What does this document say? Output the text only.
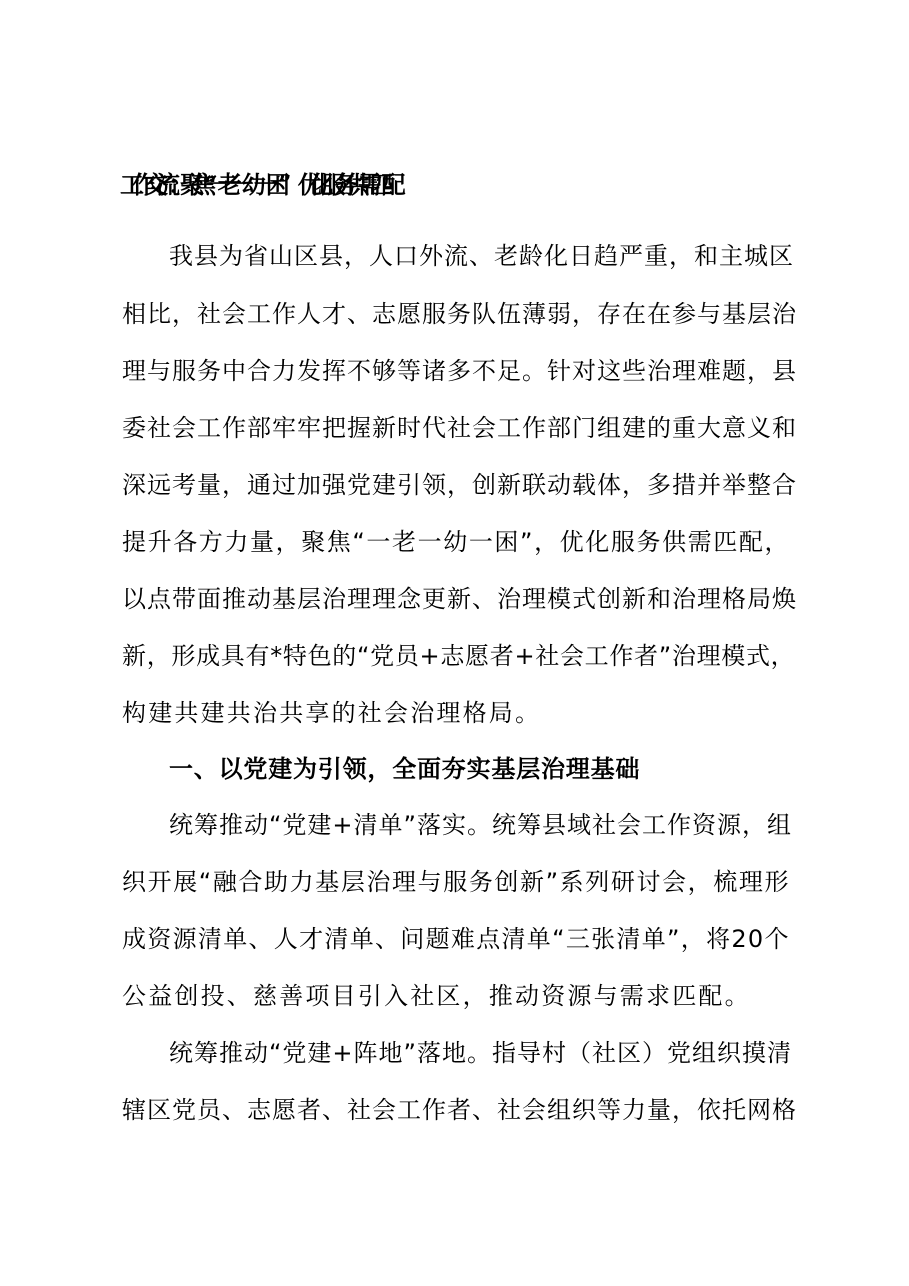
工作交流：聚焦“一老一幼一困” 优化服务供需匹配
我县为省山区县，人口外流、老龄化日趋严重，和主城区
相比，社会工作人才、志愿服务队伍薄弱，存在在参与基层治
理与服务中合力发挥不够等诸多不足。针对这些治理难题，县
委社会工作部牢牢把握新时代社会工作部门组建的重大意义和
深远考量，通过加强党建引领，创新联动载体，多措并举整合
提升各方力量，聚焦“一老一幼一困”，优化服务供需匹配，
以点带面推动基层治理理念更新、治理模式创新和治理格局焕
新，形成具有*特色的“党员+志愿者+社会工作者”治理模式，
构建共建共治共享的社会治理格局。
一、以党建为引领，全面夯实基层治理基础
统筹推动“党建+清单”落实。统筹县域社会工作资源，组
织开展“融合助力基层治理与服务创新”系列研讨会，梳理形
成资源清单、人才清单、问题难点清单“三张清单”，将20个
公益创投、慈善项目引入社区，推动资源与需求匹配。
统筹推动“党建+阵地”落地。指导村（社区）党组织摸清
辖区党员、志愿者、社会工作者、社会组织等力量，依托网格
